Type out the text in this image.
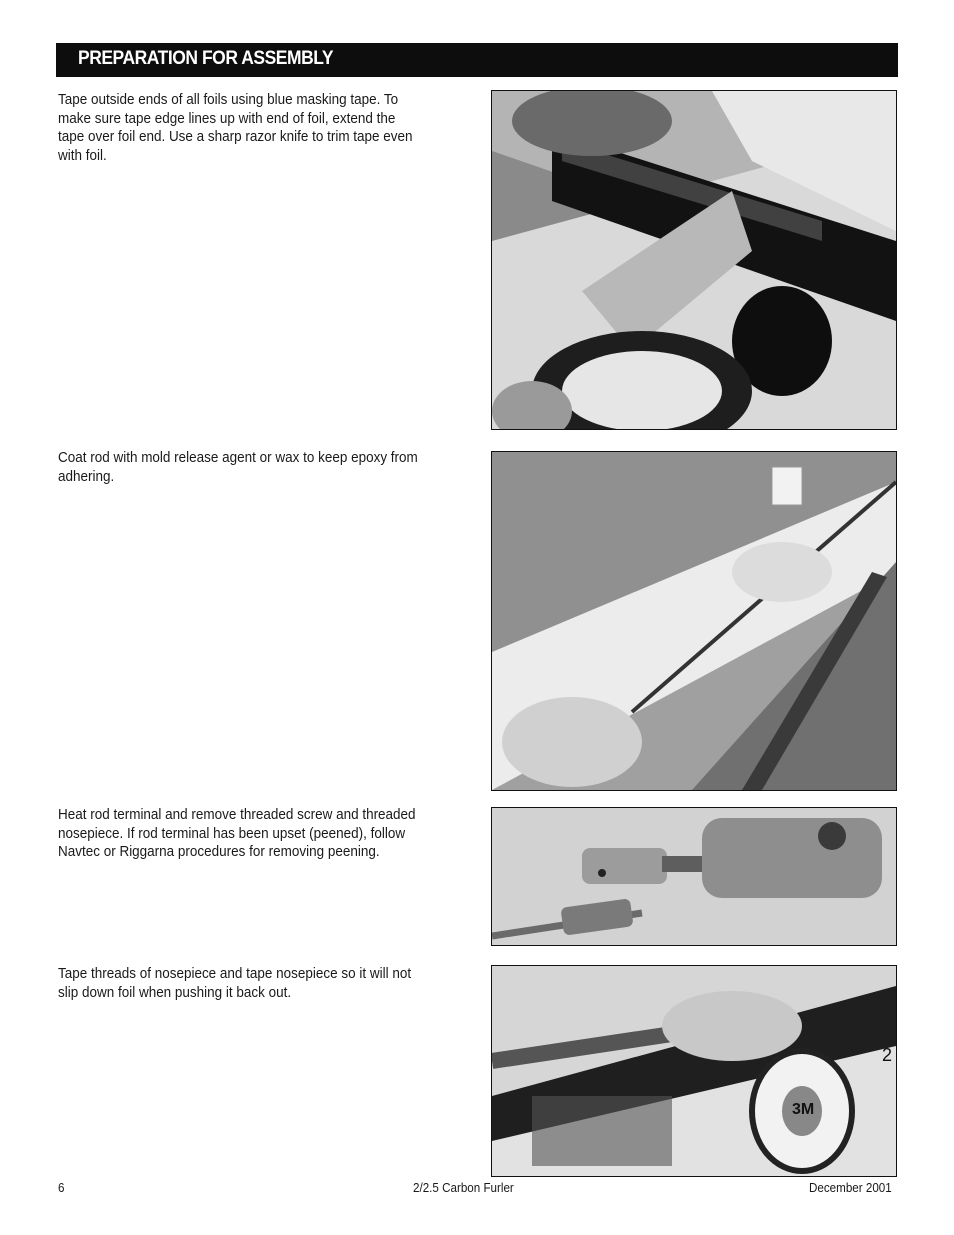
PREPARATION FOR ASSEMBLY
Tape outside ends of all foils using blue masking tape. To make sure tape edge lines up with end of foil, extend the tape over foil end. Use a sharp razor knife to trim tape even with foil.
Coat rod with mold release agent or wax to keep epoxy from adhering.
Heat rod terminal and remove threaded screw and threaded nosepiece. If rod terminal has been upset (peened), follow Navtec or Riggarna procedures for removing peening.
Tape threads of nosepiece and tape nosepiece so it will not slip down foil when pushing it back out.
3M
2
6	2/2.5 Carbon Furler	December 2001
